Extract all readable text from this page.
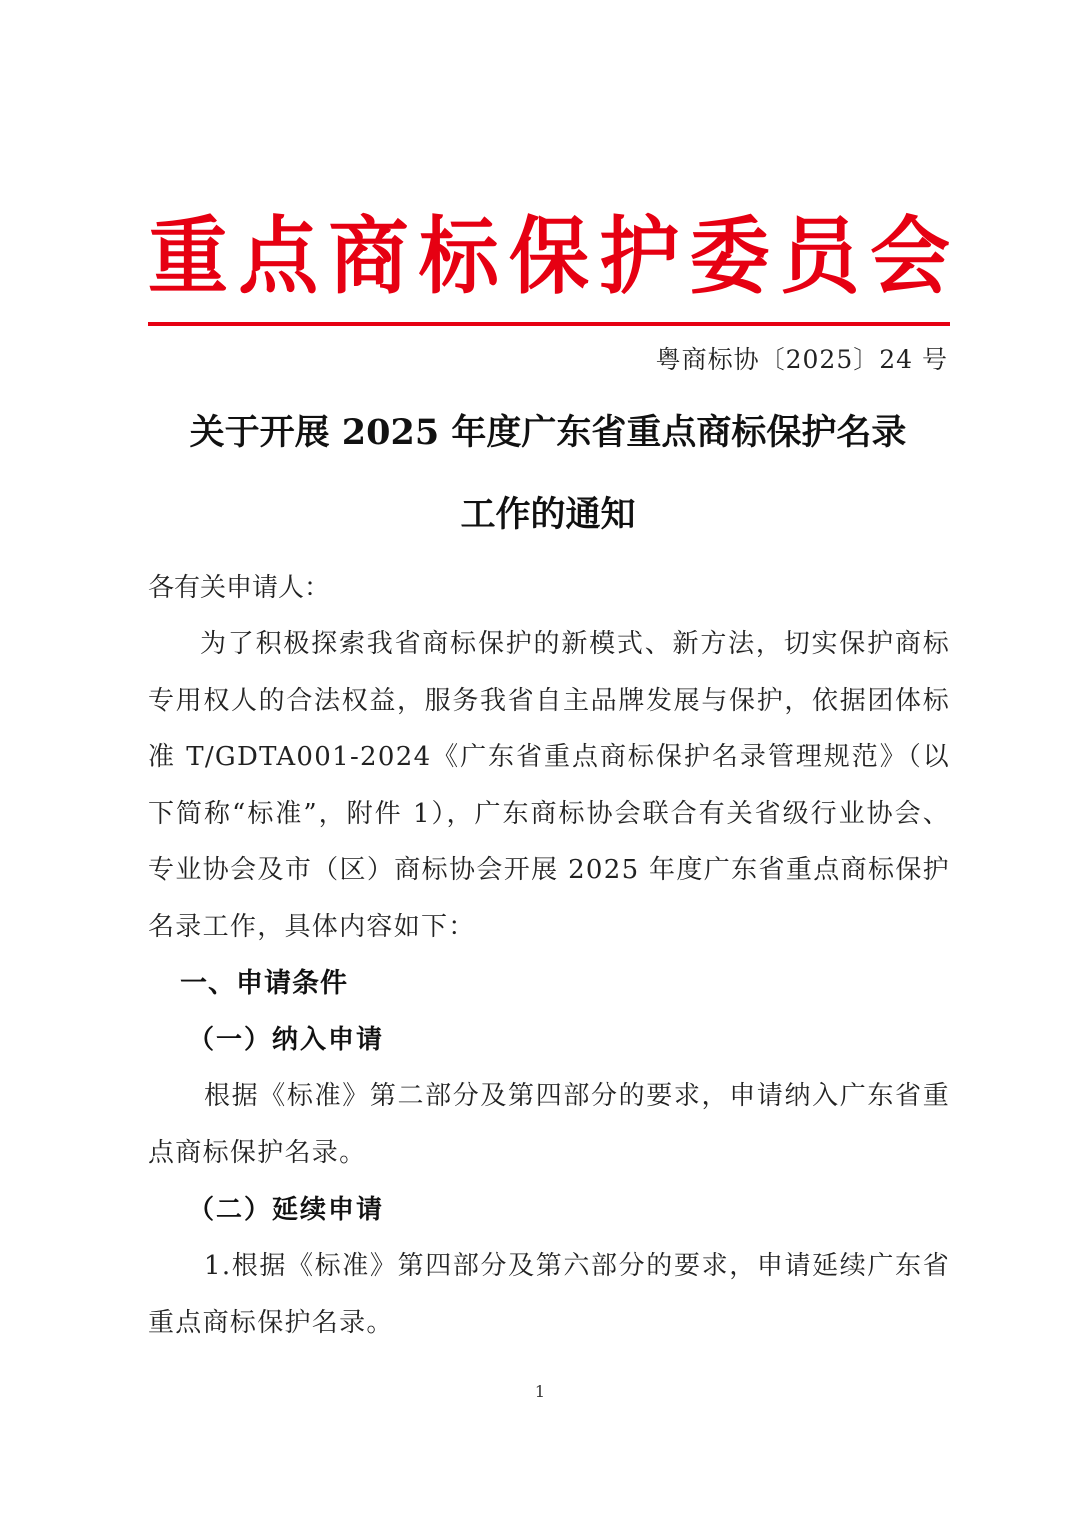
重 点 商 标 保 护 委 员 会
粤商标协〔2025〕24 号
关于开展 2025 年度广东省重点商标保护名录
工作的通知
各有关申请人：
为了积极探索我省商标保护的新模式、新方法，切实保护商标专用权人的合法权益，服务我省自主品牌发展与保护，依据团体标准 T/GDTA001-2024《广东省重点商标保护名录管理规范》（以下简称“标准”，附件 1），广东商标协会联合有关省级行业协会、专业协会及市（区）商标协会开展 2025 年度广东省重点商标保护名录工作，具体内容如下：
一、申请条件
（一）纳入申请
根据《标准》第二部分及第四部分的要求，申请纳入广东省重点商标保护名录。
（二）延续申请
1.根据《标准》第四部分及第六部分的要求，申请延续广东省重点商标保护名录。
1
